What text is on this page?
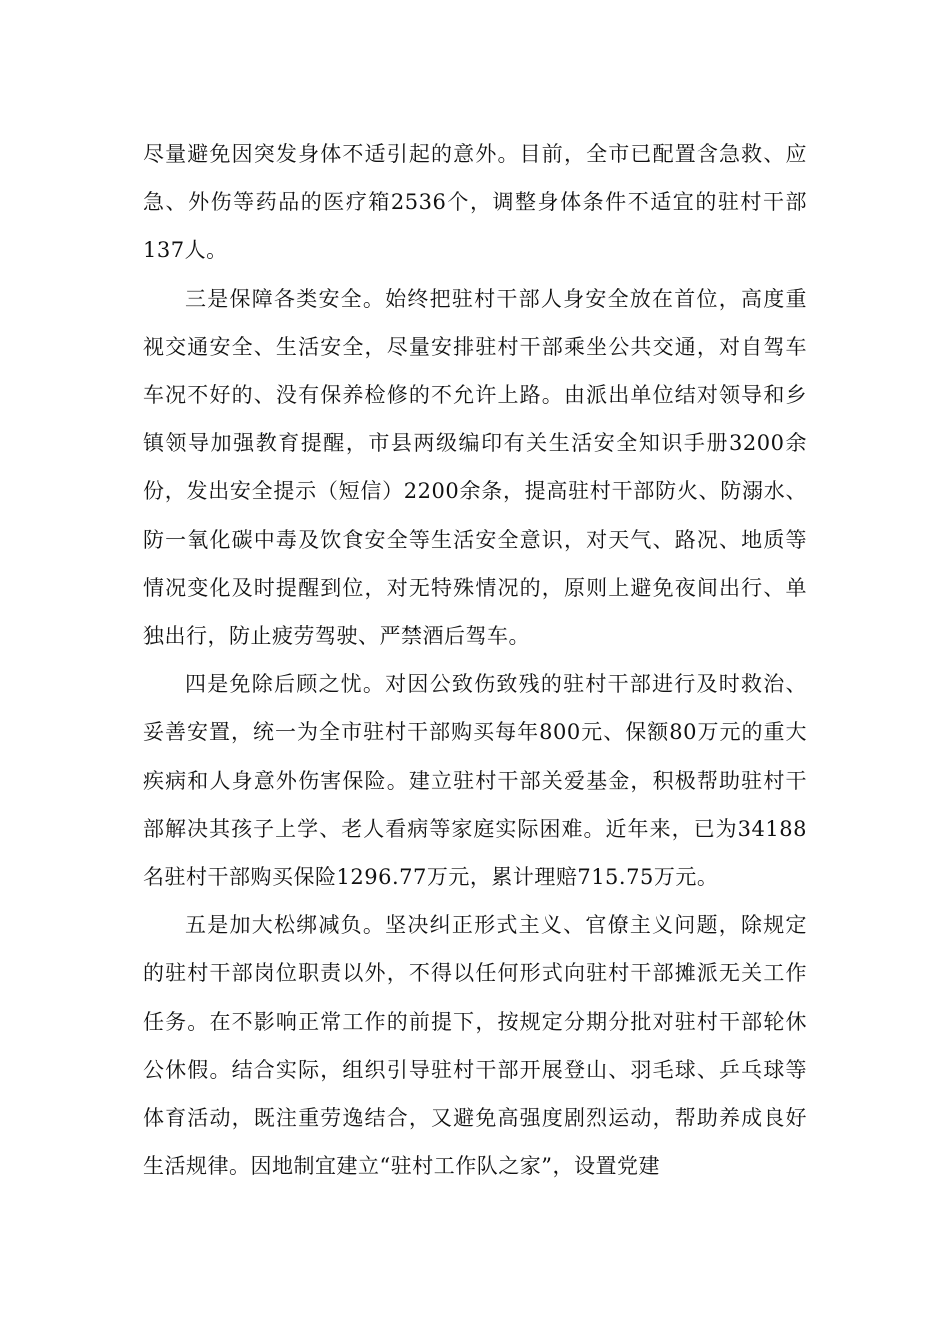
尽量避免因突发身体不适引起的意外。目前，全市已配置含急救、应急、外伤等药品的医疗箱2536个，调整身体条件不适宜的驻村干部137人。

三是保障各类安全。始终把驻村干部人身安全放在首位，高度重视交通安全、生活安全，尽量安排驻村干部乘坐公共交通，对自驾车车况不好的、没有保养检修的不允许上路。由派出单位结对领导和乡镇领导加强教育提醒，市县两级编印有关生活安全知识手册3200余份，发出安全提示（短信）2200余条，提高驻村干部防火、防溺水、防一氧化碳中毒及饮食安全等生活安全意识，对天气、路况、地质等情况变化及时提醒到位，对无特殊情况的，原则上避免夜间出行、单独出行，防止疲劳驾驶、严禁酒后驾车。

四是免除后顾之忧。对因公致伤致残的驻村干部进行及时救治、妥善安置，统一为全市驻村干部购买每年800元、保额80万元的重大疾病和人身意外伤害保险。建立驻村干部关爱基金，积极帮助驻村干部解决其孩子上学、老人看病等家庭实际困难。近年来，已为34188名驻村干部购买保险1296.77万元，累计理赔715.75万元。

五是加大松绑减负。坚决纠正形式主义、官僚主义问题，除规定的驻村干部岗位职责以外，不得以任何形式向驻村干部摊派无关工作任务。在不影响正常工作的前提下，按规定分期分批对驻村干部轮休公休假。结合实际，组织引导驻村干部开展登山、羽毛球、乒乓球等体育活动，既注重劳逸结合，又避免高强度剧烈运动，帮助养成良好生活规律。因地制宜建立“驻村工作队之家”，设置党建
